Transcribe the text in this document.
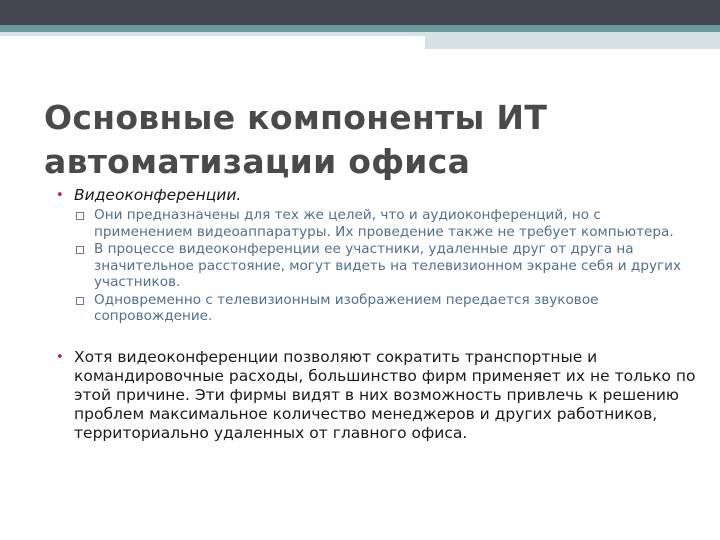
Основные компоненты ИТ автоматизации офиса
• Видеоконференции.
Они предназначены для тех же целей, что и аудиоконференций, но с применением видеоаппаратуры. Их проведение также не требует компьютера.
В процессе видеоконференции ее участники, удаленные друг от друга на значительное расстояние, могут видеть на телевизионном экране себя и других участников.
Одновременно с телевизионным изображением передается звуковое сопровождение.
• Хотя видеоконференции позволяют сократить транспортные и командировочные расходы, большинство фирм применяет их не только по этой причине. Эти фирмы видят в них возможность привлечь к решению проблем максимальное количество менеджеров и других работников, территориально удаленных от главного офиса.
